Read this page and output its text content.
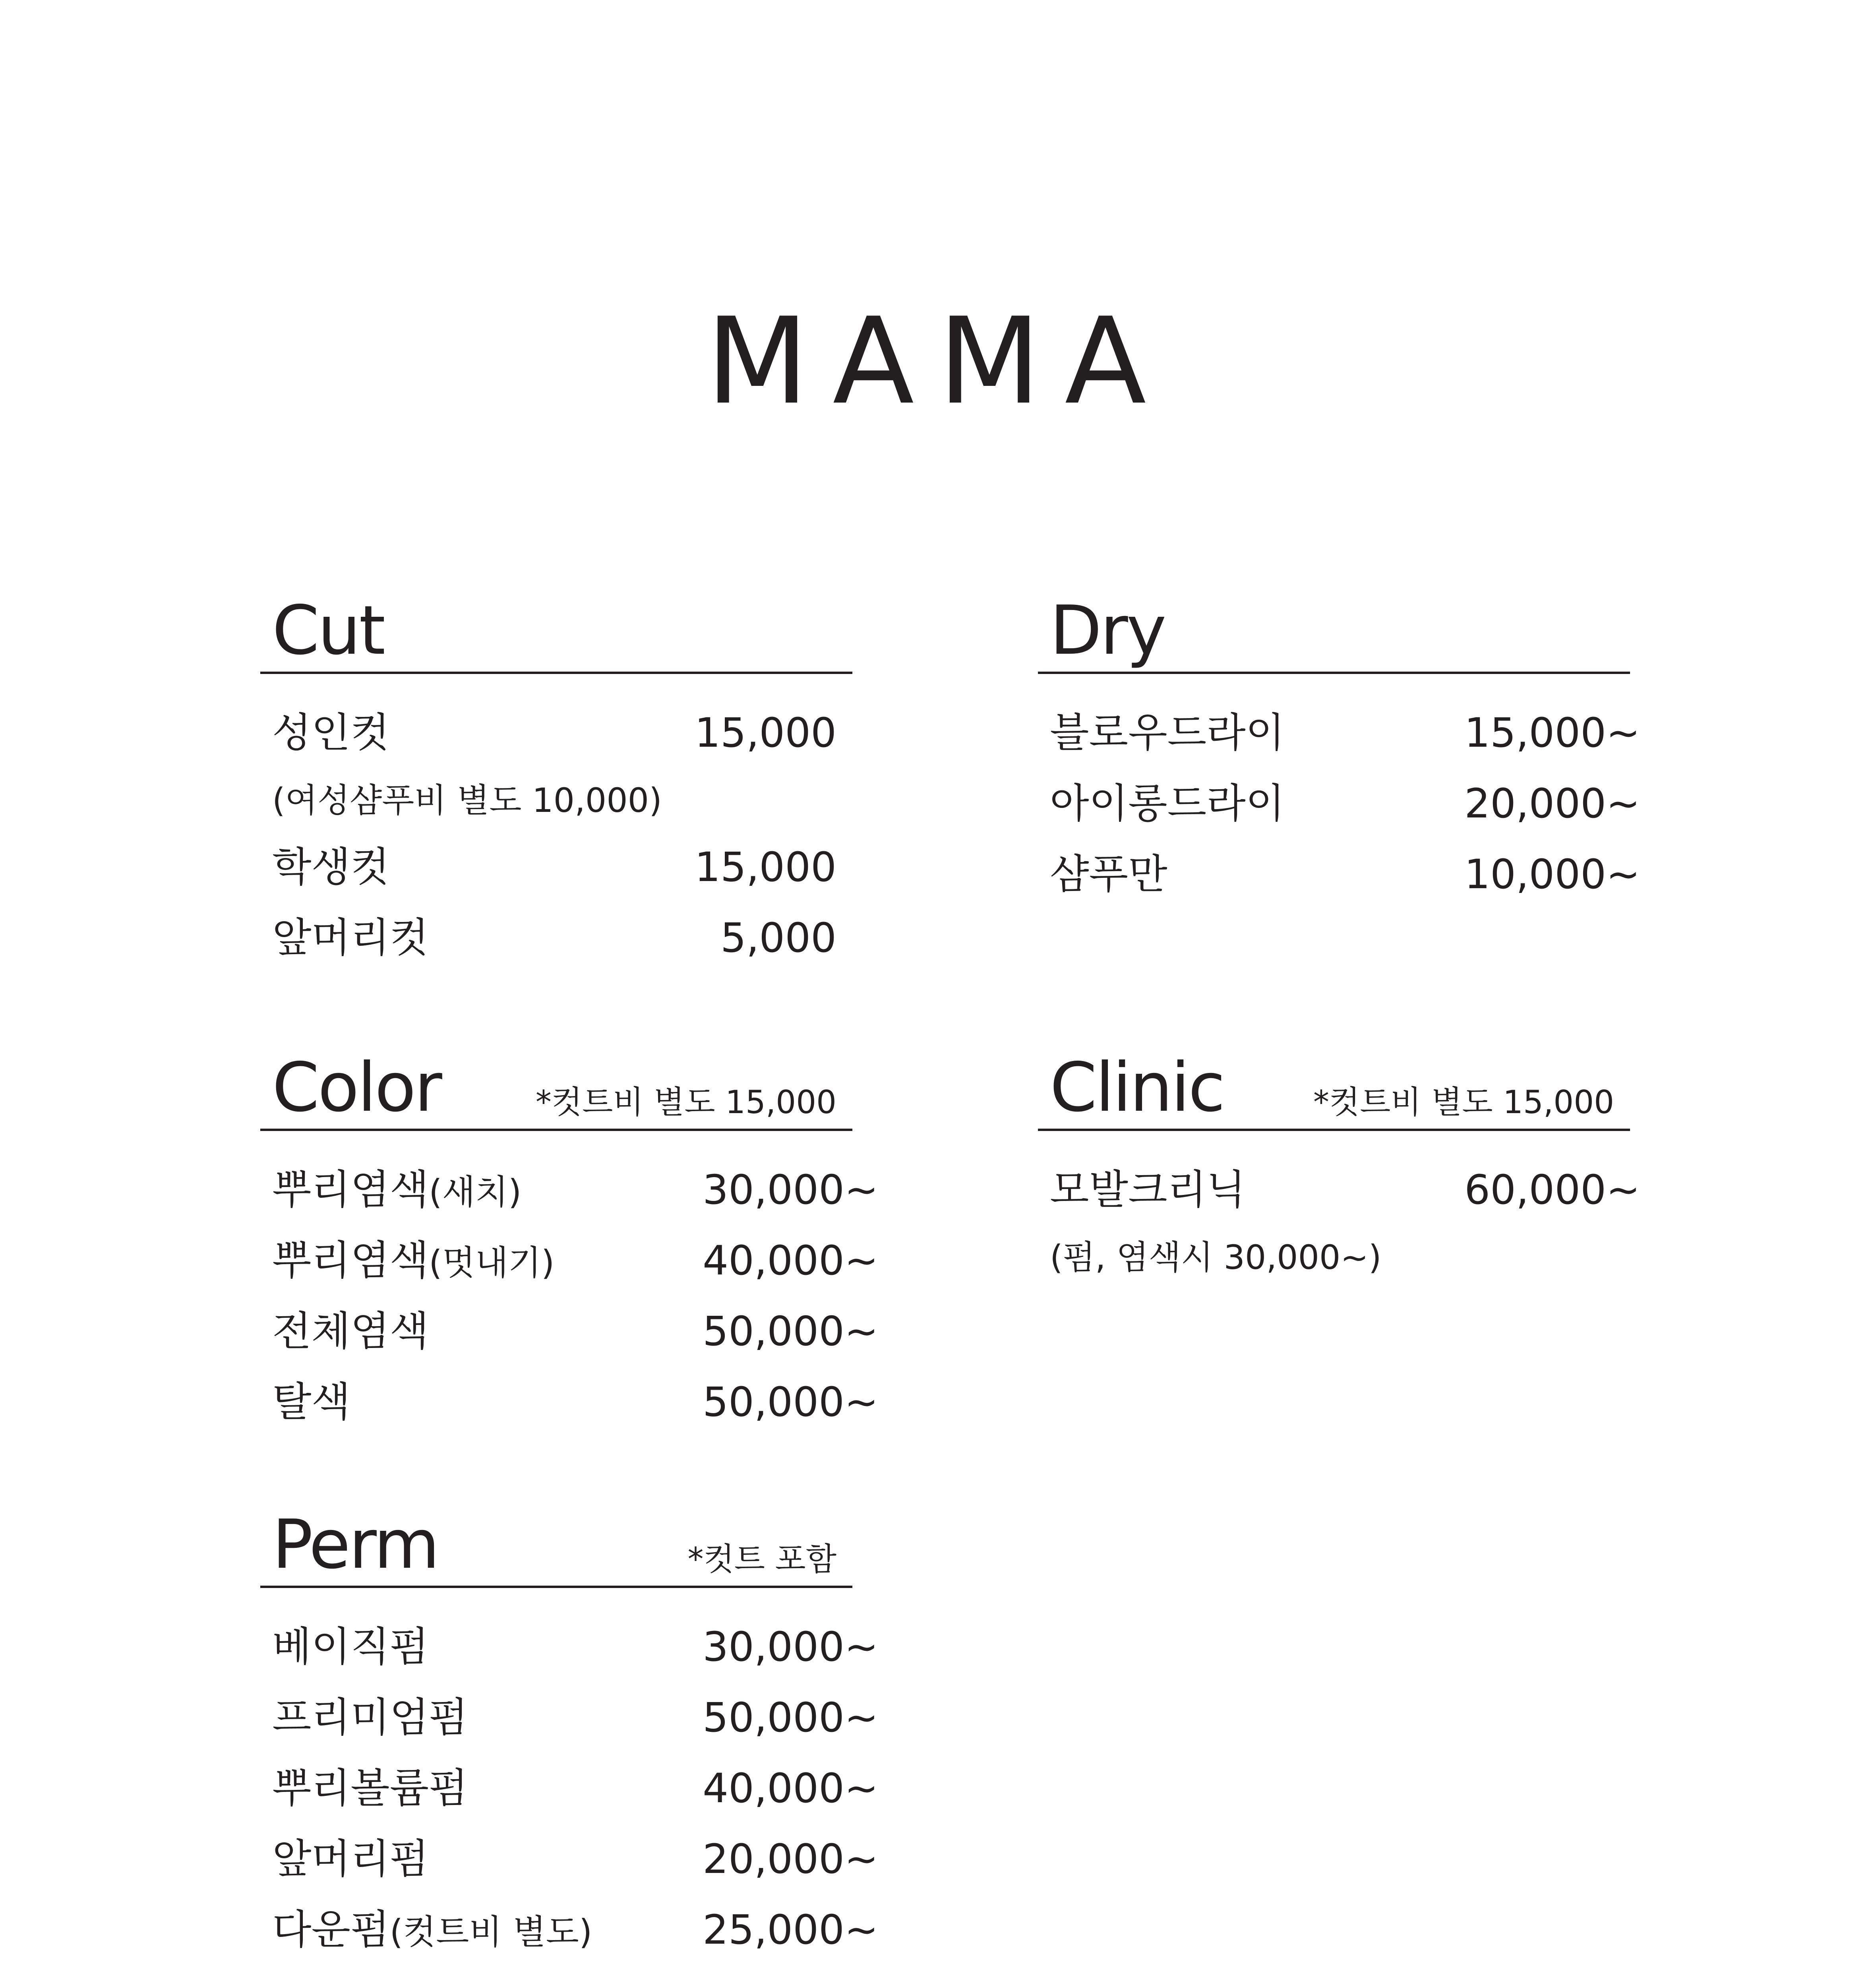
MAMA
Cut
성인컷	15,000
(여성샴푸비 별도 10,000)
학생컷	15,000
앞머리컷	5,000
Dry
블로우드라이	15,000~
아이롱드라이	20,000~
샴푸만	10,000~
Color	*컷트비 별도 15,000
뿌리염색(새치)	30,000~
뿌리염색(멋내기)	40,000~
전체염색	50,000~
탈색	50,000~
Clinic	*컷트비 별도 15,000
모발크리닉	60,000~
(펌, 염색시 30,000~)
Perm	*컷트 포함
베이직펌	30,000~
프리미엄펌	50,000~
뿌리볼륨펌	40,000~
앞머리펌	20,000~
다운펌(컷트비 별도)	25,000~
